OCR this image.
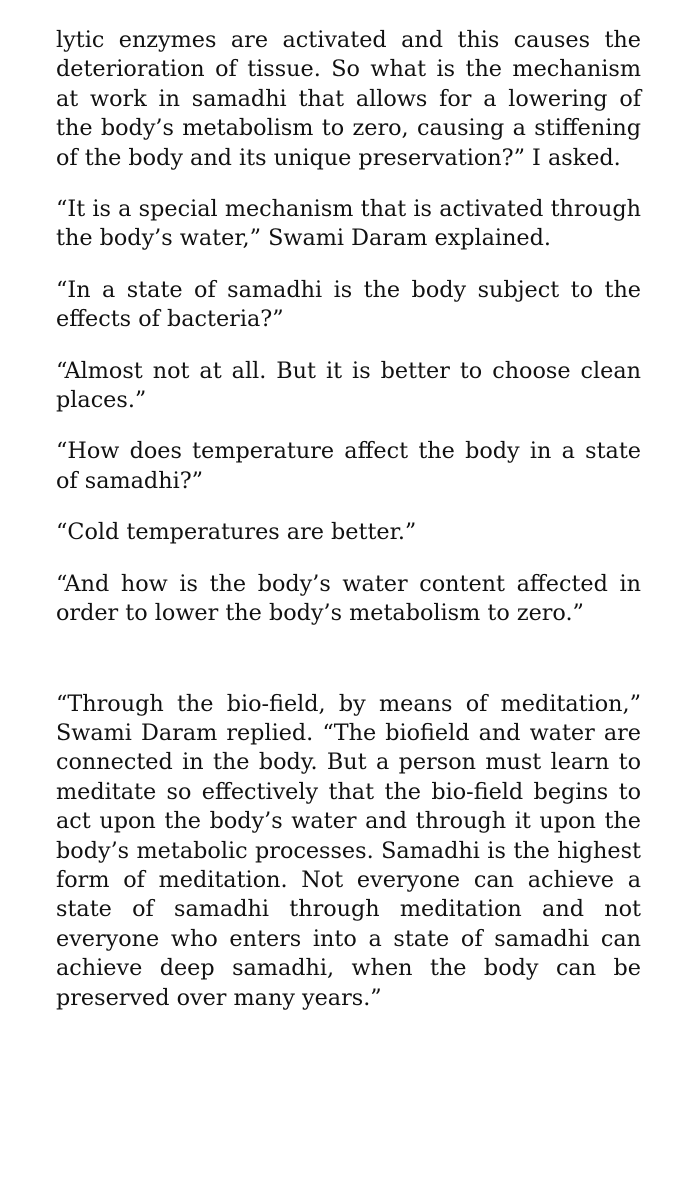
lytic enzymes are activated and this causes the deterioration of tissue. So what is the mechanism at work in samadhi that allows for a lowering of the body’s metabolism to zero, causing a stiffening of the body and its unique preservation?” I asked.

“It is a special mechanism that is activated through the body’s water,” Swami Daram explained.

“In a state of samadhi is the body subject to the effects of bacteria?”

“Almost not at all. But it is better to choose clean places.”

“How does temperature affect the body in a state of samadhi?”

“Cold temperatures are better.”

“And how is the body’s water content affected in order to lower the body’s metabolism to zero.”

“Through the bio-field, by means of meditation,” Swami Daram replied. “The biofield and water are connected in the body. But a person must learn to meditate so effectively that the bio-field begins to act upon the body’s water and through it upon the body’s metabolic processes. Samadhi is the highest form of meditation. Not everyone can achieve a state of samadhi through meditation and not everyone who enters into a state of samadhi can achieve deep samadhi, when the body can be preserved over many years.”
